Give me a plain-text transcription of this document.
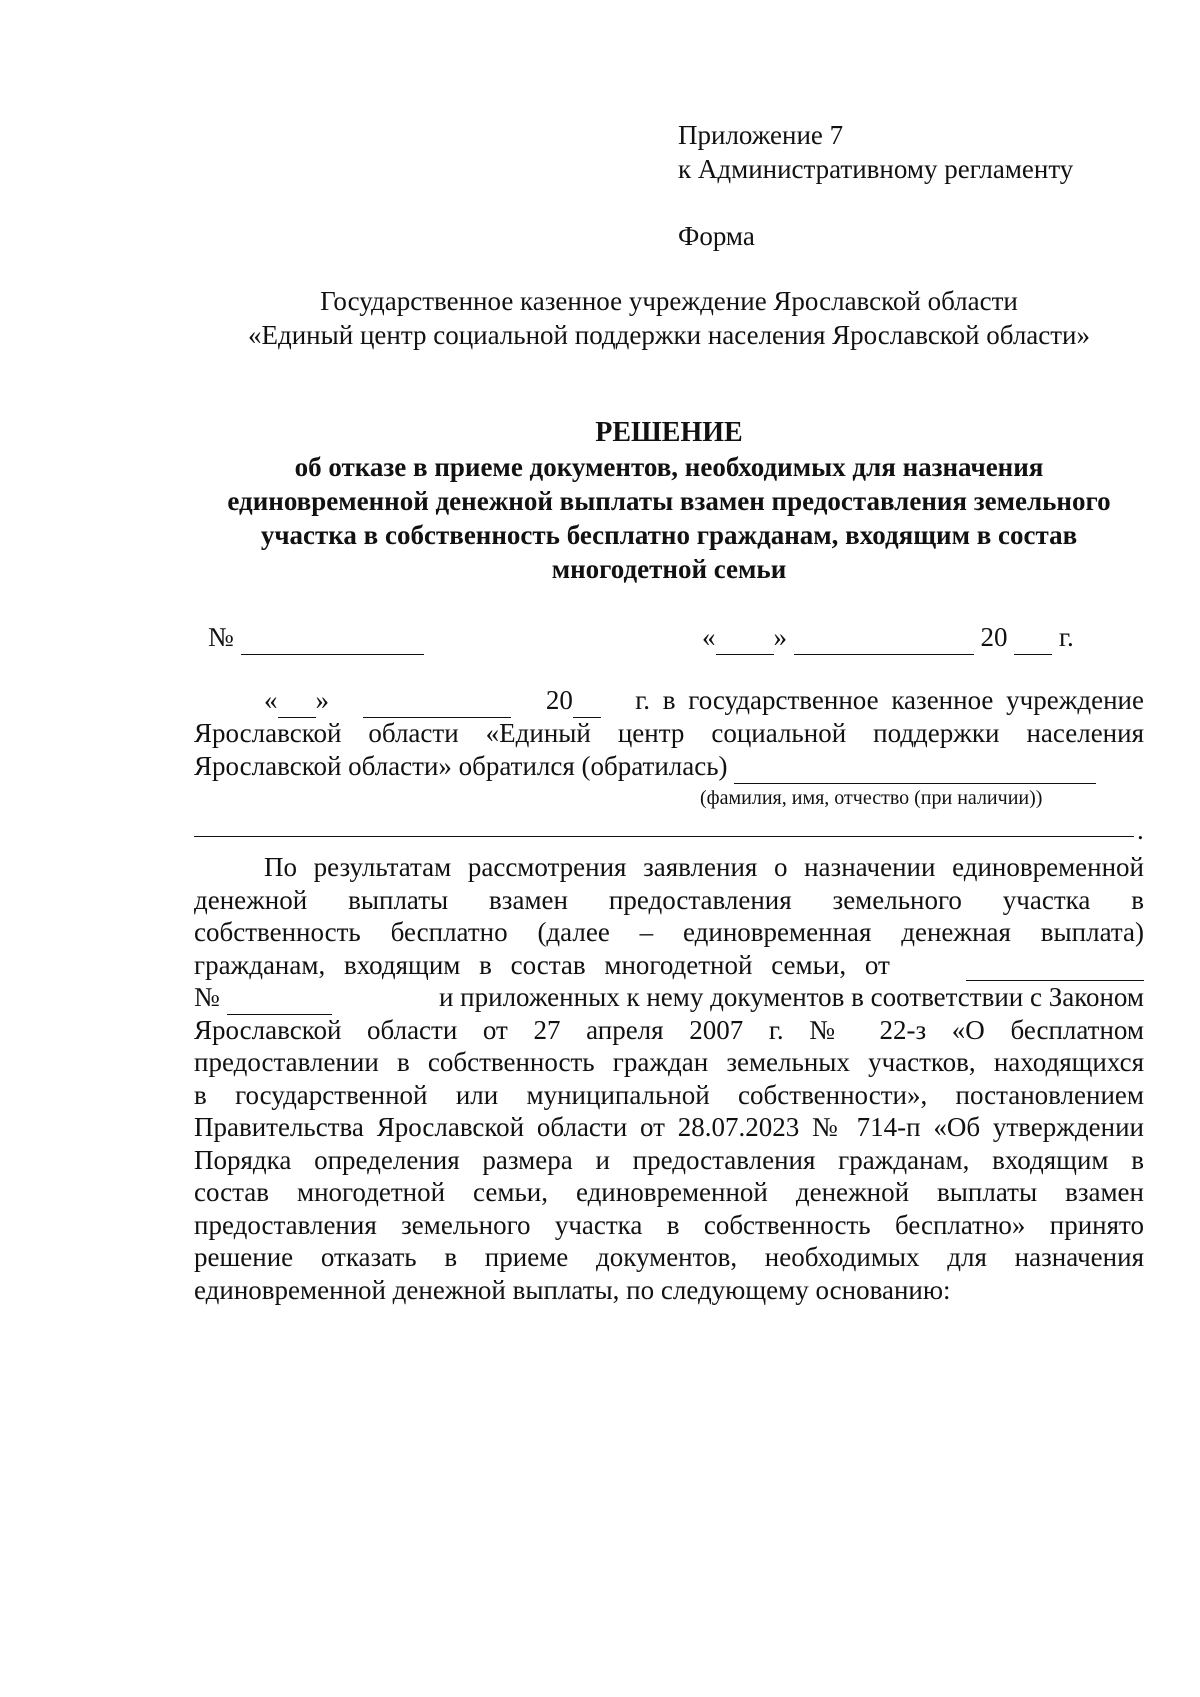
Приложение 7
к Административному регламенту
Форма
Государственное казенное учреждение Ярославской области
«Единый центр социальной поддержки населения Ярославской области»
РЕШЕНИЕ
об отказе в приеме документов, необходимых для назначения
единовременной денежной выплаты взамен предоставления земельного
участка в собственность бесплатно гражданам, входящим в состав
многодетной семьи
№	« »	20 г.
« »
	20	г. в государственное казенное учреждение
Ярославской области «Единый центр социальной поддержки населения
Ярославской области» обратился (обратилась)
(фамилия, имя, отчество (при наличии))
.
По результатам рассмотрения заявления о назначении единовременной
денежной выплаты взамен предоставления земельного участка в
собственность бесплатно (далее – единовременная денежная выплата)
гражданам, входящим в состав многодетной семьи, от

№	и приложенных к нему документов в соответствии с Законом
Ярославской области от 27 апреля 2007 г. № 22-з «О бесплатном
предоставлении в собственность граждан земельных участков, находящихся
в государственной или муниципальной собственности», постановлением
Правительства Ярославской области от 28.07.2023 № 714-п «Об утверждении
Порядка определения размера и предоставления гражданам, входящим в
состав многодетной семьи, единовременной денежной выплаты взамен
предоставления земельного участка в собственность бесплатно» принято
решение отказать в приеме документов, необходимых для назначения
единовременной денежной выплаты, по следующему основанию:
